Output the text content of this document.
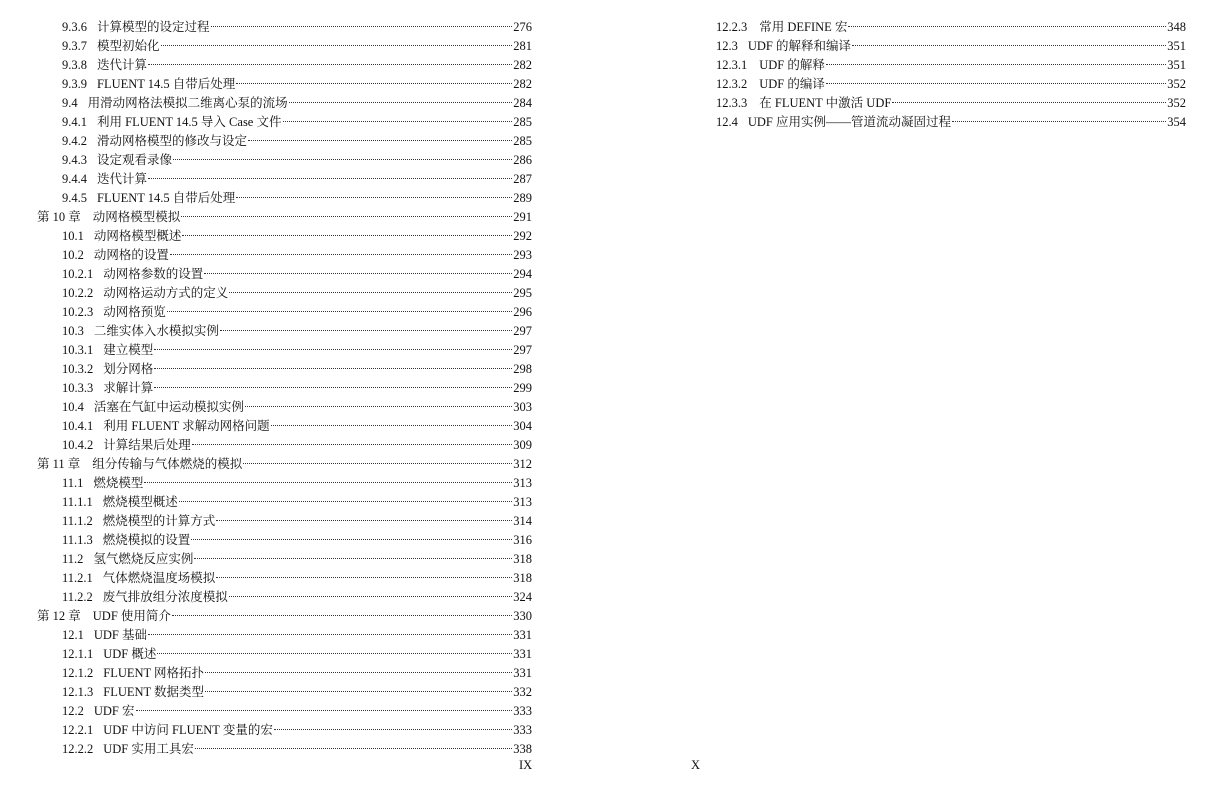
9.3.6 计算模型的设定过程	276
9.3.7 模型初始化	281
9.3.8 迭代计算	282
9.3.9 FLUENT 14.5 自带后处理	282
9.4 用滑动网格法模拟二维离心泵的流场	284
9.4.1 利用 FLUENT 14.5 导入 Case 文件	285
9.4.2 滑动网格模型的修改与设定	285
9.4.3 设定观看录像	286
9.4.4 迭代计算	287
9.4.5 FLUENT 14.5 自带后处理	289
第 10 章 动网格模型模拟	291
10.1 动网格模型概述	292
10.2 动网格的设置	293
10.2.1 动网格参数的设置	294
10.2.2 动网格运动方式的定义	295
10.2.3 动网格预览	296
10.3 二维实体入水模拟实例	297
10.3.1 建立模型	297
10.3.2 划分网格	298
10.3.3 求解计算	299
10.4 活塞在气缸中运动模拟实例	303
10.4.1 利用 FLUENT 求解动网格问题	304
10.4.2 计算结果后处理	309
第 11 章 组分传输与气体燃烧的模拟	312
11.1 燃烧模型	313
11.1.1 燃烧模型概述	313
11.1.2 燃烧模型的计算方式	314
11.1.3 燃烧模拟的设置	316
11.2 氢气燃烧反应实例	318
11.2.1 气体燃烧温度场模拟	318
11.2.2 废气排放组分浓度模拟	324
第 12 章 UDF 使用简介	330
12.1 UDF 基础	331
12.1.1 UDF 概述	331
12.1.2 FLUENT 网格拓扑	331
12.1.3 FLUENT 数据类型	332
12.2 UDF 宏	333
12.2.1 UDF 中访问 FLUENT 变量的宏	333
12.2.2 UDF 实用工具宏	338
12.2.3 常用 DEFINE 宏	348
12.3 UDF 的解释和编译	351
12.3.1 UDF 的解释	351
12.3.2 UDF 的编译	352
12.3.3 在 FLUENT 中激活 UDF	352
12.4 UDF 应用实例——管道流动凝固过程	354
IX	X
